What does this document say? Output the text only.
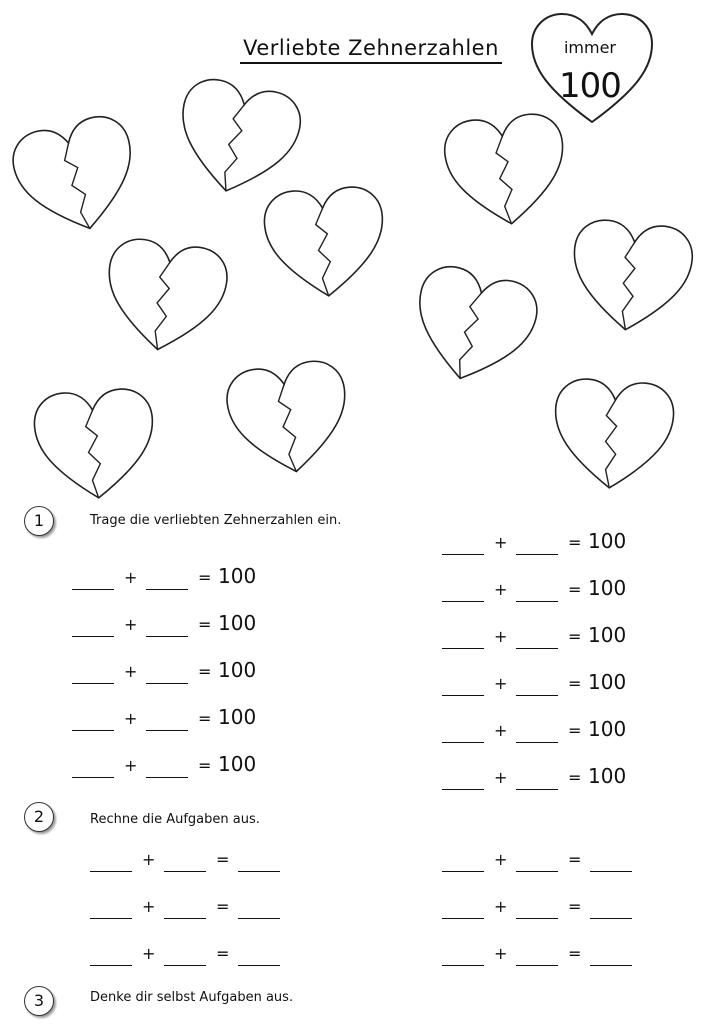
Verliebte Zehnerzahlen	immer
100
1	Trage die verliebten Zehnerzahlen ein.
2	Rechne die Aufgaben aus.
3	Denke dir selbst Aufgaben aus.
+	= 100
+	= 100
+	= 100
+	= 100
+	= 100
+	= 100
+	= 100
+	= 100
+	= 100
+	= 100
+	= 100
+	=	+	=
+	=	+	=
+	=	+	=
